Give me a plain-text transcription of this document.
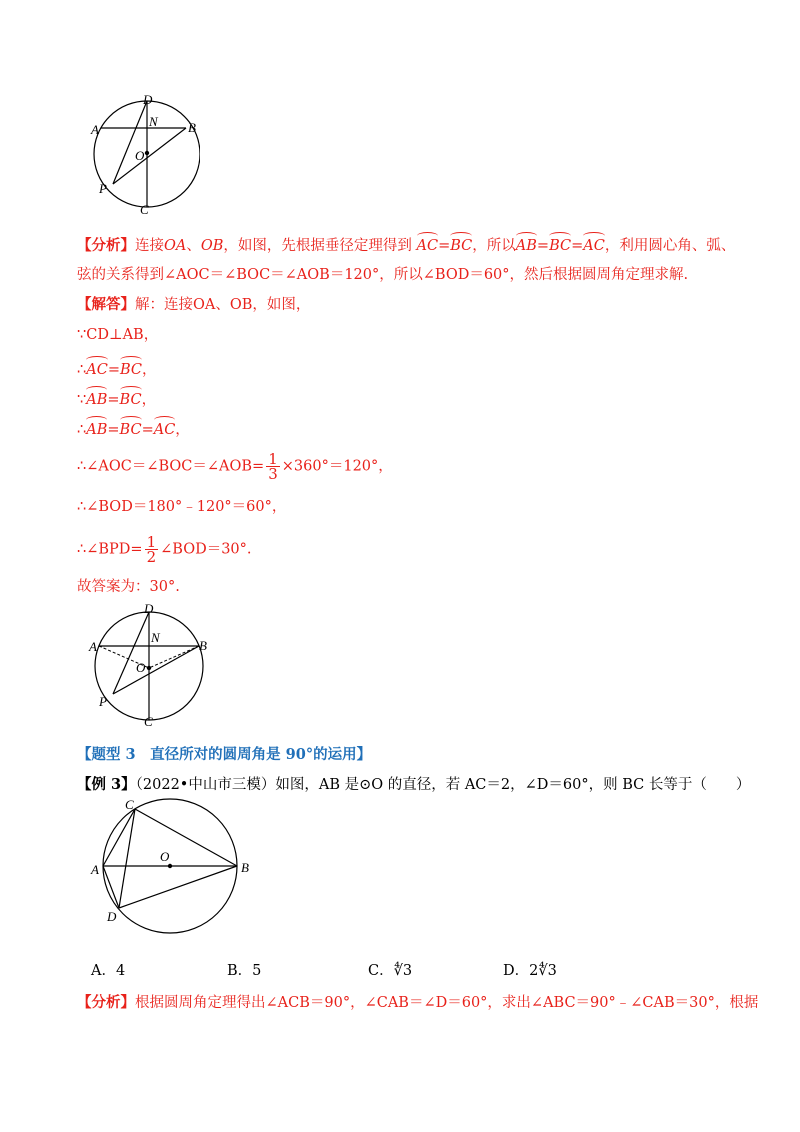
D
A
N B
O
P
C
【分析】连接OA、OB，如图，先根据垂径定理得到 AC=BC，所以AB=BC=AC，利用圆心角、弧、
弦的关系得到∠AOC＝∠BOC＝∠AOB＝120°，所以∠BOD＝60°，然后根据圆周角定理求解.
【解答】解：连接OA、OB，如图，
∵CD⊥AB，
∴AC=BC，
∵AB=BC，
∴AB=BC=AC，
∴∠AOC＝∠BOC＝∠AOB= $\frac{1}{3} \times 360^\circ=120^\circ$，
∴∠BOD＝180°﹣120°＝60°，
∴∠BPD= $\frac{1}{2}$ ∠BOD＝30°.
故答案为：30°.
D
A
N
B
O
P
C
【题型 3　直径所对的圆周角是 90°的运用】
【例 3】（2022•中山市三模）如图，AB 是⊙O 的直径，若 AC＝2，∠D＝60°，则 BC 长等于（　　）
C
A
O
B
D
A．4	B．5	C．∜3	D．2∜3
【分析】根据圆周角定理得出∠ACB＝90°，∠CAB＝∠D＝60°，求出∠ABC＝90°﹣∠CAB＝30°，根据
